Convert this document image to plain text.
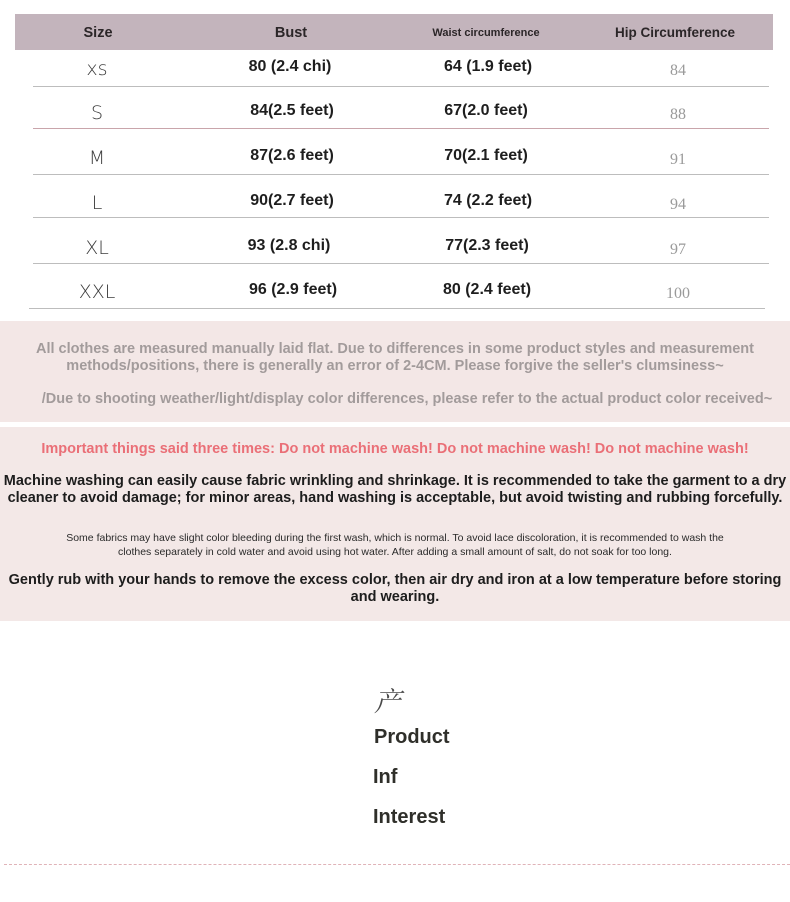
Size	Bust	Waist circumference	Hip Circumference
xs	80 (2.4 chi)	64 (1.9 feet)	84
S	84(2.5 feet)	67(2.0 feet)	88
M	87(2.6 feet)	70(2.1 feet)	91
L	90(2.7 feet)	74 (2.2 feet)	94
XL	93 (2.8 chi)	77(2.3 feet)	97
XXL	96 (2.9 feet)	80 (2.4 feet)	100

All clothes are measured manually laid flat. Due to differences in some product styles and measurement

methods/positions, there is generally an error of 2-4CM. Please forgive the seller's clumsiness~

/Due to shooting weather/light/display color differences, please refer to the actual product color received~

Important things said three times: Do not machine wash! Do not machine wash! Do not machine wash!

Machine washing can easily cause fabric wrinkling and shrinkage. It is recommended to take the garment to a dry
cleaner to avoid damage; for minor areas, hand washing is acceptable, but avoid twisting and rubbing forcefully.

Some fabrics may have slight color bleeding during the first wash, which is normal. To avoid lace discoloration, it is recommended to wash the
clothes separately in cold water and avoid using hot water. After adding a small amount of salt, do not soak for too long.

Gently rub with your hands to remove the excess color, then air dry and iron at a low temperature before storing
and wearing.

产
Product
Inf
Interest
